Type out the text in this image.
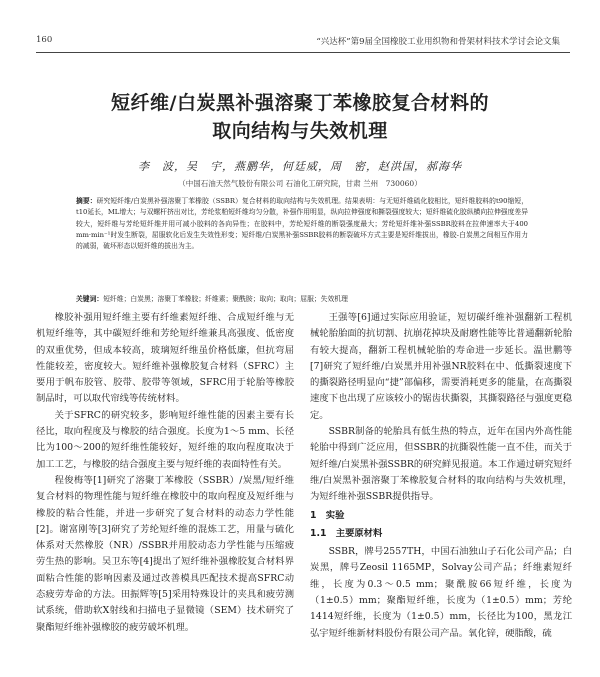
160	“兴达杯”第9届全国橡胶工业用织物和骨架材料技术学讨会论文集
短纤维/白炭黑补强溶聚丁苯橡胶复合材料的
取向结构与失效机理
李　波，吴　宇，燕鹏华，何廷威，周　密，赵洪国，郝海华
（中国石油天然气股份有限公司 石油化工研究院，甘肃 兰州　730060）
摘要：研究短纤维/白炭黑补强溶聚丁苯橡胶（SSBR）复合材料的取向结构与失效机理。结果表明：与无短纤维硫化胶相比，短纤维胶料的t90缩短，t10延长，ML增大；与双螺杆挤出对比，芳纶浆粕短纤维均匀分散，补强作用明显，纵向拉伸强度和撕裂强度较大；短纤维硫化胶纵横向拉伸强度差异较大，短纤维与芳纶短纤维并用可减小胶料的各向异性；在胶料中，芳纶短纤维的断裂强度最大；芳纶短纤维补强SSBR胶料在拉伸速率大于400 mm·min⁻¹时发生断裂，屈服软化后发生失效性形变；短纤维/白炭黑补强SSBR胶料的断裂破坏方式主要是短纤维拔出，橡胶-白炭黑之间相互作用力的减弱，破坏形态以短纤维的拔出为主。
关键词：短纤维；白炭黑；溶聚丁苯橡胶；纤维素；聚酰胺；取向；取向；屈服；失效机理

橡胶补强用短纤维主要有纤维素短纤维、合成短纤维与无机短纤维等，其中碳短纤维和芳纶短纤维兼具高强度、低密度的双重优势，但成本较高，玻璃短纤维虽价格低廉，但抗弯屈性能较差，密度较大。短纤维补强橡胶复合材料（SFRC）主要用于帆布胶管、胶带、胶带等领域，SFRC用于轮胎等橡胶制品时，可以取代帘线等传统材料。

关于SFRC的研究较多，影响短纤维性能的因素主要有长径比，取向程度及与橡胶的结合强度。长度为1～5 mm、长径比为100～200的短纤维性能较好，短纤维的取向程度取决于加工工艺，与橡胶的结合强度主要与短纤维的表面特性有关。

程俊梅等[1]研究了溶聚丁苯橡胶（SSBR）/炭黑/短纤维复合材料的物理性能与短纤维在橡胶中的取向程度及短纤维与橡胶的粘合性能，并进一步研究了复合材料的动态力学性能[2]。谢富刚等[3]研究了芳纶短纤维的混炼工艺，用量与硫化体系对天然橡胶（NR）/SSBR并用胶动态力学性能与压缩疲劳生热的影响。吴卫东等[4]提出了短纤维补强橡胶复合材料界面粘合性能的影响因素及通过改善模具匹配技术提高SFRC动态疲劳寿命的方法。田振辉等[5]采用特殊设计的夹具和疲劳测试系统，借助软X射线和扫描电子显微镜（SEM）技术研究了聚酯短纤维补强橡胶的疲劳破坏机理。

王强等[6]通过实际应用验证，短切碳纤维补强翻新工程机械轮胎胎面的抗切割、抗崩花掉块及耐磨性能等比普通翻新轮胎有较大提高，翻新工程机械轮胎的寿命进一步延长。温世鹏等[7]研究了短纤维/白炭黑并用补强NR胶料在中、低撕裂速度下的撕裂路径明显向“捷”部偏移，需要消耗更多的能量，在高撕裂速度下也出现了应该较小的锯齿状撕裂，其撕裂路径与强度更稳定。

SSBR制备的轮胎具有低生热的特点，近年在国内外高性能轮胎中得到广泛应用，但SSBR的抗撕裂性能一直不佳，而关于短纤维/白炭黑补强SSBR的研究鲜见报道。本工作通过研究短纤维/白炭黑补强溶聚丁苯橡胶复合材料的取向结构与失效机理，为短纤维补强SSBR提供指导。

1　实验
1.1　主要原材料

SSBR，牌号2557TH，中国石油独山子石化公司产品；白炭黑，牌号Zeosil 1165MP，Solvay公司产品；纤维素短纤维，长度为0.3～0.5 mm；聚酰胺66短纤维，长度为（1±0.5）mm；聚酯短纤维，长度为（1±0.5）mm；芳纶1414短纤维，长度为（1±0.5）mm，长径比为100，黑龙江弘宇短纤维新材料股份有限公司产品。氧化锌，硬脂酸，硫
